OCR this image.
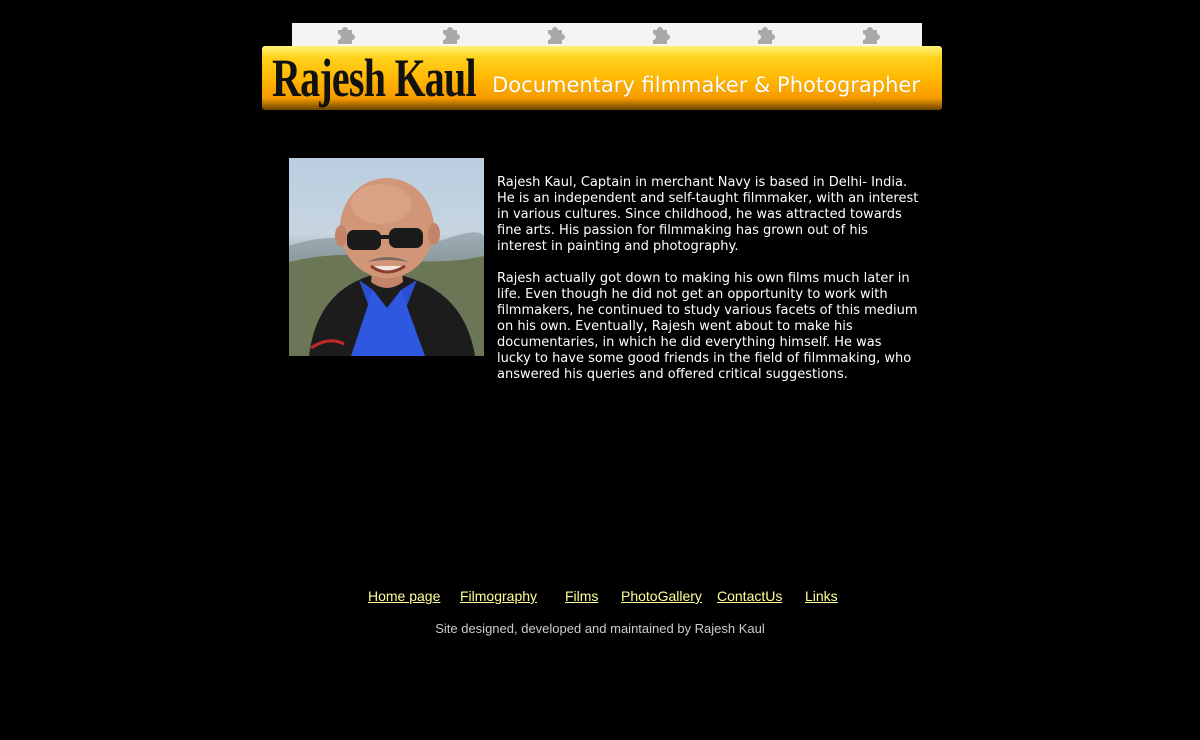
Rajesh Kaul Documentary filmmaker & Photographer

Rajesh Kaul, Captain in merchant Navy is based in Delhi- India.
He is an independent and self-taught filmmaker, with an interest
in various cultures. Since childhood, he was attracted towards
fine arts. His passion for filmmaking has grown out of his
interest in painting and photography.

Rajesh actually got down to making his own films much later in
life. Even though he did not get an opportunity to work with
filmmakers, he continued to study various facets of this medium
on his own. Eventually, Rajesh went about to make his
documentaries, in which he did everything himself. He was
lucky to have some good friends in the field of filmmaking, who
answered his queries and offered critical suggestions.

Home page Filmography Films PhotoGallery ContactUs Links
Site designed, developed and maintained by Rajesh Kaul
